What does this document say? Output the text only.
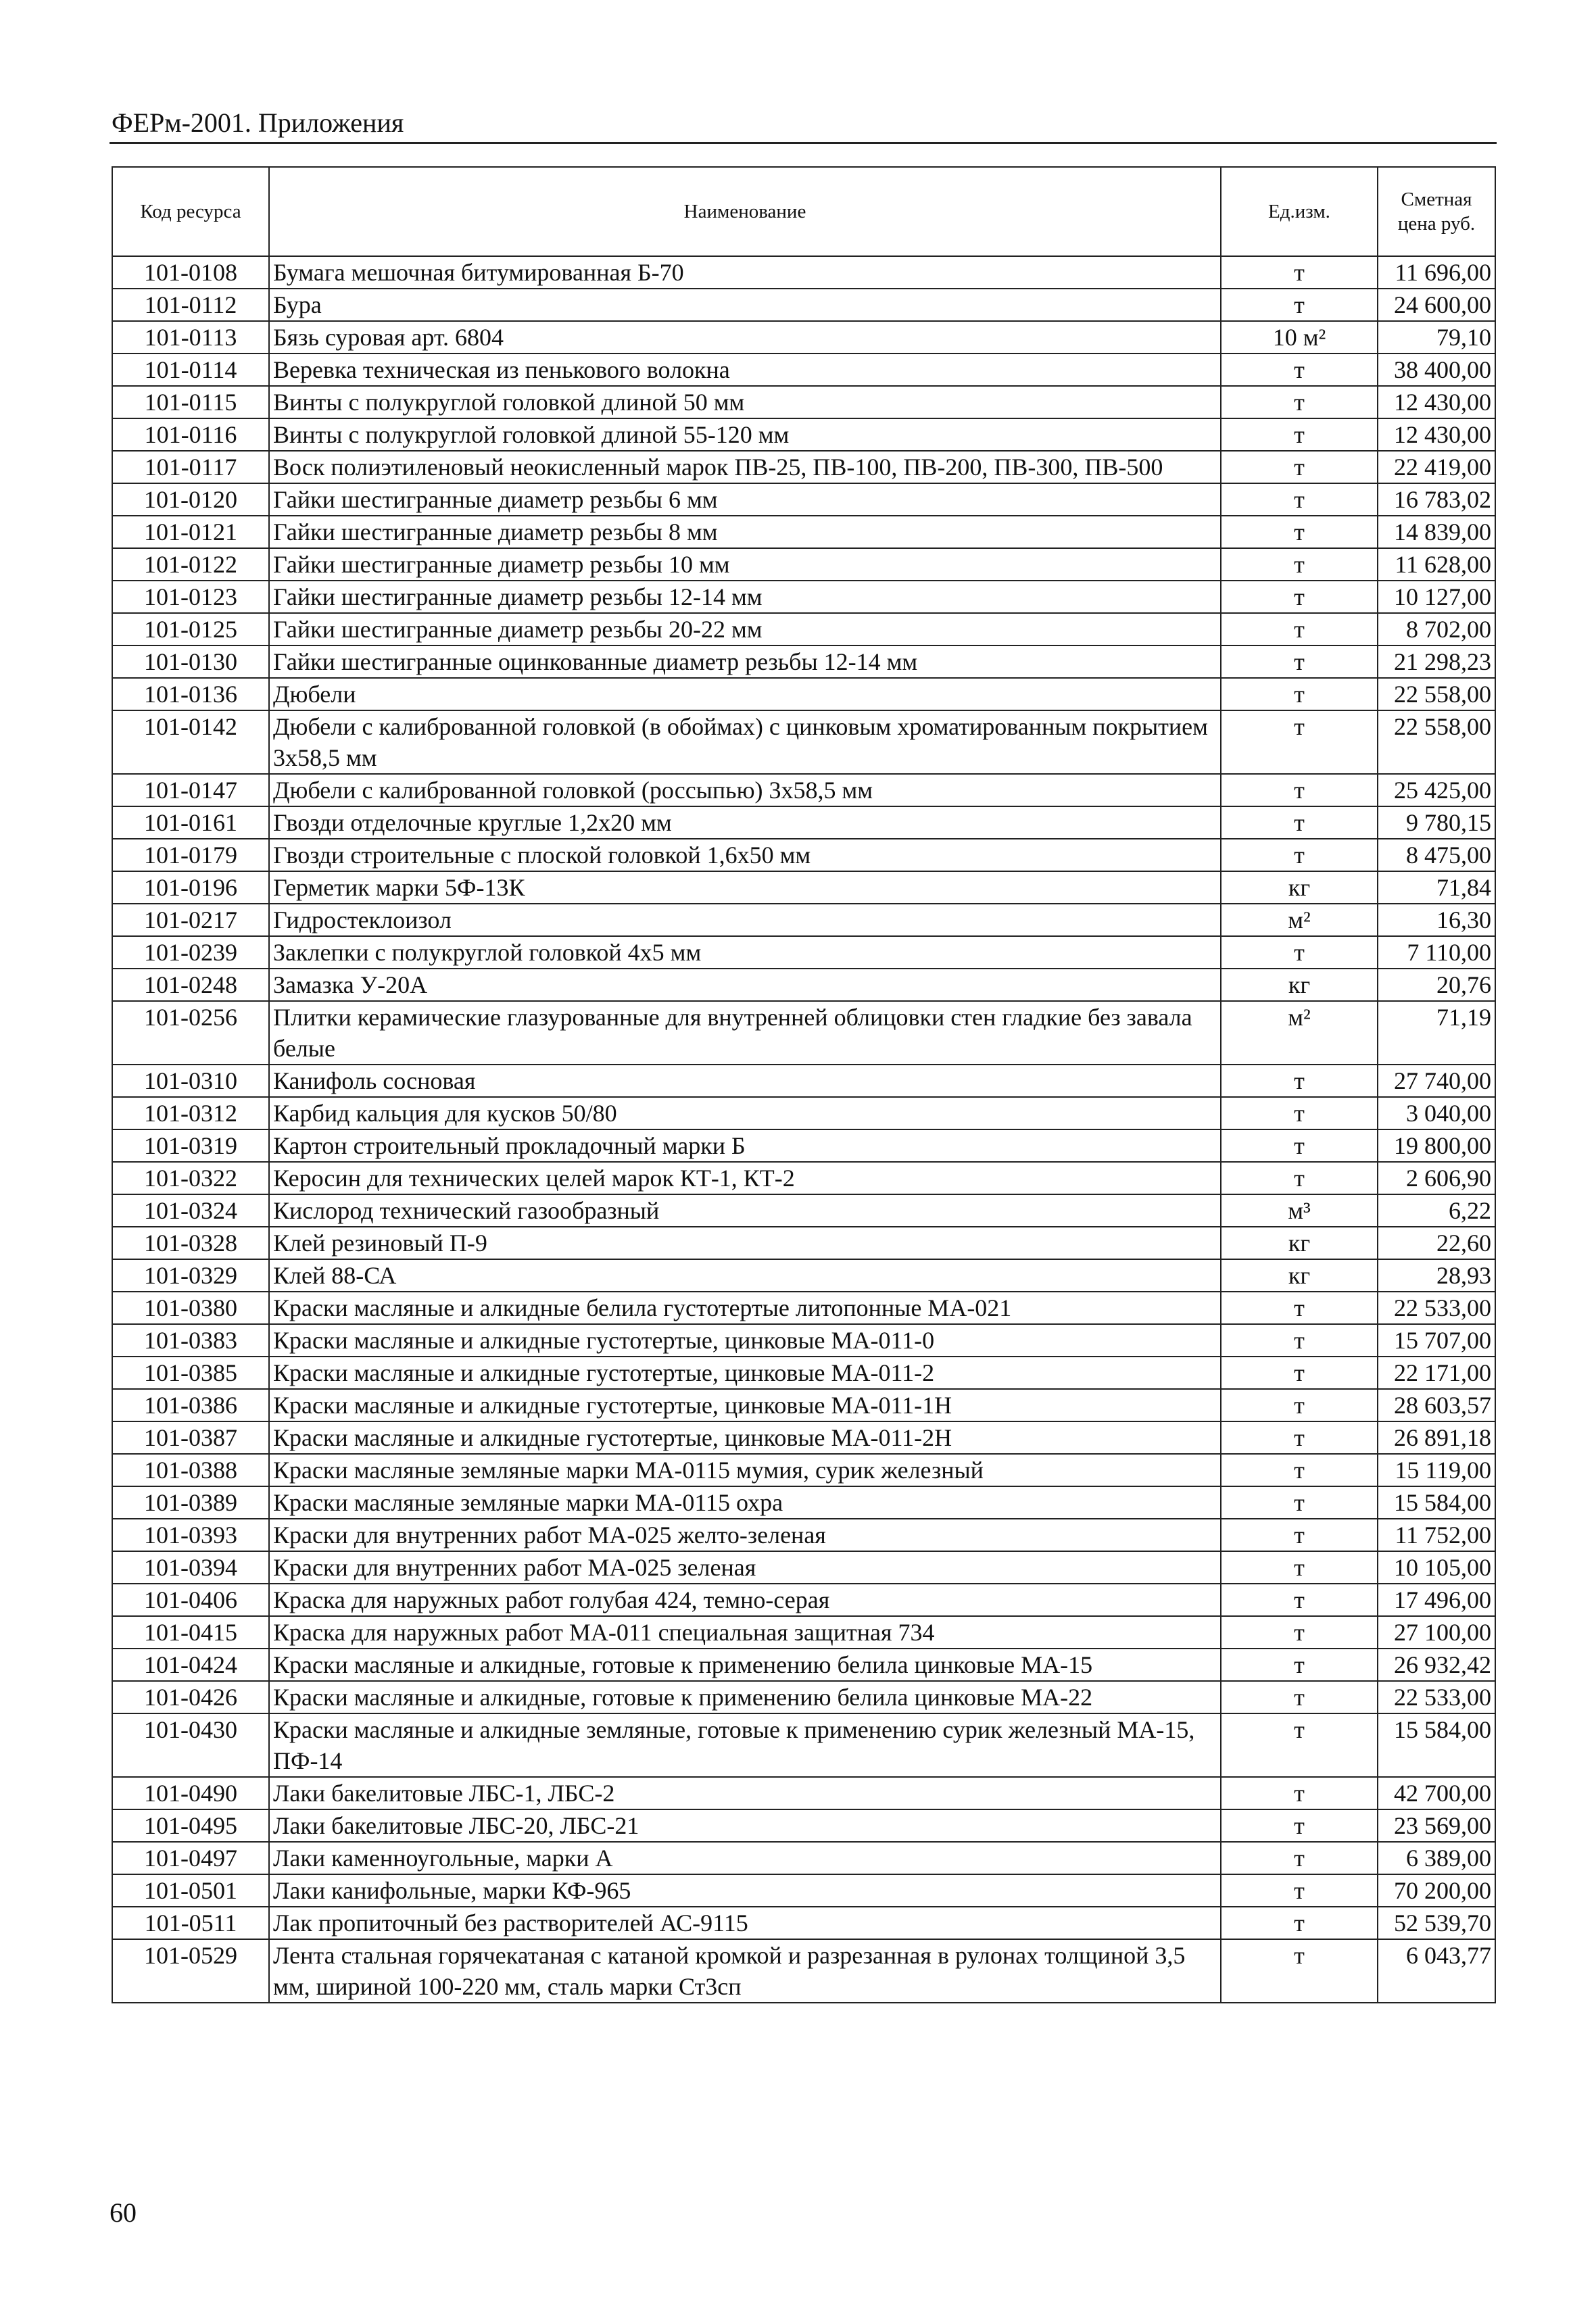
ФЕРм-2001. Приложения
Код ресурса	Наименование	Ед.изм.	Сметная цена руб.
101-0108	Бумага мешочная битумированная Б-70	т	11 696,00
101-0112	Бура	т	24 600,00
101-0113	Бязь суровая арт. 6804	10 м²	79,10
101-0114	Веревка техническая из пенькового волокна	т	38 400,00
101-0115	Винты с полукруглой головкой длиной 50 мм	т	12 430,00
101-0116	Винты с полукруглой головкой длиной 55-120 мм	т	12 430,00
101-0117	Воск полиэтиленовый неокисленный марок ПВ-25, ПВ-100, ПВ-200, ПВ-300, ПВ-500	т	22 419,00
101-0120	Гайки шестигранные диаметр резьбы 6 мм	т	16 783,02
101-0121	Гайки шестигранные диаметр резьбы 8 мм	т	14 839,00
101-0122	Гайки шестигранные диаметр резьбы 10 мм	т	11 628,00
101-0123	Гайки шестигранные диаметр резьбы 12-14 мм	т	10 127,00
101-0125	Гайки шестигранные диаметр резьбы 20-22 мм	т	8 702,00
101-0130	Гайки шестигранные оцинкованные диаметр резьбы 12-14 мм	т	21 298,23
101-0136	Дюбели	т	22 558,00
101-0142	Дюбели с калиброванной головкой (в обоймах) с цинковым хроматированным покрытием 3х58,5 мм	т	22 558,00
101-0147	Дюбели с калиброванной головкой (россыпью) 3х58,5 мм	т	25 425,00
101-0161	Гвозди отделочные круглые 1,2х20 мм	т	9 780,15
101-0179	Гвозди строительные с плоской головкой 1,6х50 мм	т	8 475,00
101-0196	Герметик марки 5Ф-13К	кг	71,84
101-0217	Гидростеклоизол	м²	16,30
101-0239	Заклепки с полукруглой головкой 4х5 мм	т	7 110,00
101-0248	Замазка У-20А	кг	20,76
101-0256	Плитки керамические глазурованные для внутренней облицовки стен гладкие без завала белые	м²	71,19
101-0310	Канифоль сосновая	т	27 740,00
101-0312	Карбид кальция для кусков 50/80	т	3 040,00
101-0319	Картон строительный прокладочный марки Б	т	19 800,00
101-0322	Керосин для технических целей марок КТ-1, КТ-2	т	2 606,90
101-0324	Кислород технический газообразный	м³	6,22
101-0328	Клей резиновый П-9	кг	22,60
101-0329	Клей 88-СА	кг	28,93
101-0380	Краски масляные и алкидные белила густотертые литопонные МА-021	т	22 533,00
101-0383	Краски масляные и алкидные густотертые, цинковые МА-011-0	т	15 707,00
101-0385	Краски масляные и алкидные густотертые, цинковые МА-011-2	т	22 171,00
101-0386	Краски масляные и алкидные густотертые, цинковые МА-011-1Н	т	28 603,57
101-0387	Краски масляные и алкидные густотертые, цинковые МА-011-2Н	т	26 891,18
101-0388	Краски масляные земляные марки МА-0115 мумия, сурик железный	т	15 119,00
101-0389	Краски масляные земляные марки МА-0115 охра	т	15 584,00
101-0393	Краски для внутренних работ МА-025 желто-зеленая	т	11 752,00
101-0394	Краски для внутренних работ МА-025 зеленая	т	10 105,00
101-0406	Краска для наружных работ голубая 424, темно-серая	т	17 496,00
101-0415	Краска для наружных работ МА-011 специальная защитная 734	т	27 100,00
101-0424	Краски масляные и алкидные, готовые к применению белила цинковые МА-15	т	26 932,42
101-0426	Краски масляные и алкидные, готовые к применению белила цинковые МА-22	т	22 533,00
101-0430	Краски масляные и алкидные земляные, готовые к применению сурик железный МА-15, ПФ-14	т	15 584,00
101-0490	Лаки бакелитовые ЛБС-1, ЛБС-2	т	42 700,00
101-0495	Лаки бакелитовые ЛБС-20, ЛБС-21	т	23 569,00
101-0497	Лаки каменноугольные, марки А	т	6 389,00
101-0501	Лаки канифольные, марки КФ-965	т	70 200,00
101-0511	Лак пропиточный без растворителей АС-9115	т	52 539,70
101-0529	Лента стальная горячекатаная с катаной кромкой и разрезанная в рулонах толщиной 3,5 мм, шириной 100-220 мм, сталь марки Ст3сп	т	6 043,77
60
